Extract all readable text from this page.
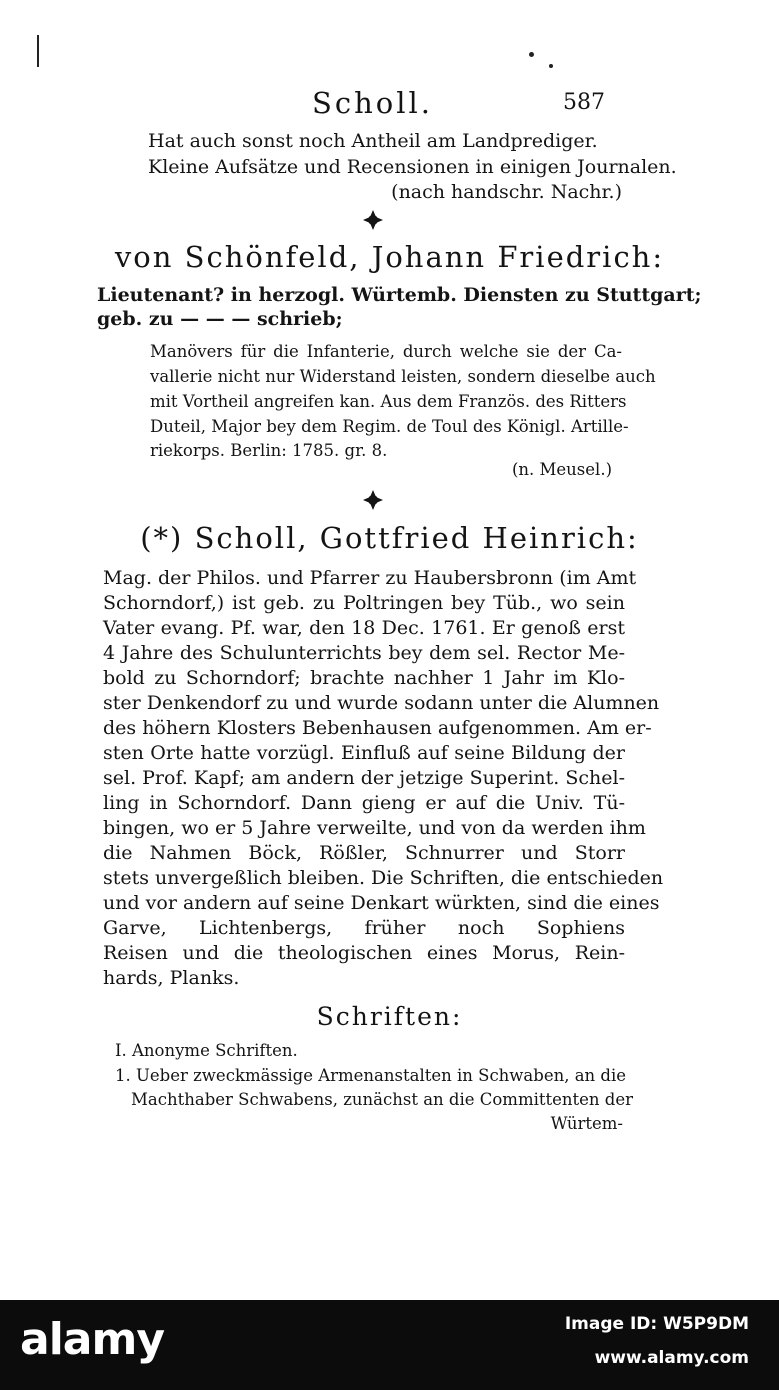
Scholl.	587
Hat auch sonst noch Antheil am Landprediger.
Kleine Aufsätze und Recensionen in einigen Journalen.
(nach handschr. Nachr.)
von Schönfeld, Johann Friedrich:
Lieutenant? in herzogl. Würtemb. Diensten zu Stuttgart;
geb. zu — — — schrieb;
Manövers für die Infanterie, durch welche sie der Ca-
vallerie nicht nur Widerstand leisten, sondern dieselbe auch
mit Vortheil angreifen kan. Aus dem Französ. des Ritters
Duteil, Major bey dem Regim. de Toul des Königl. Artille-
riekorps. Berlin: 1785. gr. 8.
(n. Meusel.)
(*) Scholl, Gottfried Heinrich:
Mag. der Philos. und Pfarrer zu Haubersbronn (im Amt
Schorndorf,) ist geb. zu Poltringen bey Tüb., wo sein
Vater evang. Pf. war, den 18 Dec. 1761. Er genoß erst
4 Jahre des Schulunterrichts bey dem sel. Rector Me-
bold zu Schorndorf; brachte nachher 1 Jahr im Klo-
ster Denkendorf zu und wurde sodann unter die Alumnen
des höhern Klosters Bebenhausen aufgenommen. Am er-
sten Orte hatte vorzügl. Einfluß auf seine Bildung der
sel. Prof. Kapf; am andern der jetzige Superint. Schel-
ling in Schorndorf. Dann gieng er auf die Univ. Tü-
bingen, wo er 5 Jahre verweilte, und von da werden ihm
die Nahmen Böck, Rößler, Schnurrer und Storr
stets unvergeßlich bleiben. Die Schriften, die entschieden
und vor andern auf seine Denkart würkten, sind die eines
Garve, Lichtenbergs, früher noch Sophiens
Reisen und die theologischen eines Morus, Rein-
hards, Planks.
Schriften:
I. Anonyme Schriften.
1. Ueber zweckmässige Armenanstalten in Schwaben, an die
Machthaber Schwabens, zunächst an die Committenten der
Würtem-
alamy	Image ID: W5P9DM
www.alamy.com
